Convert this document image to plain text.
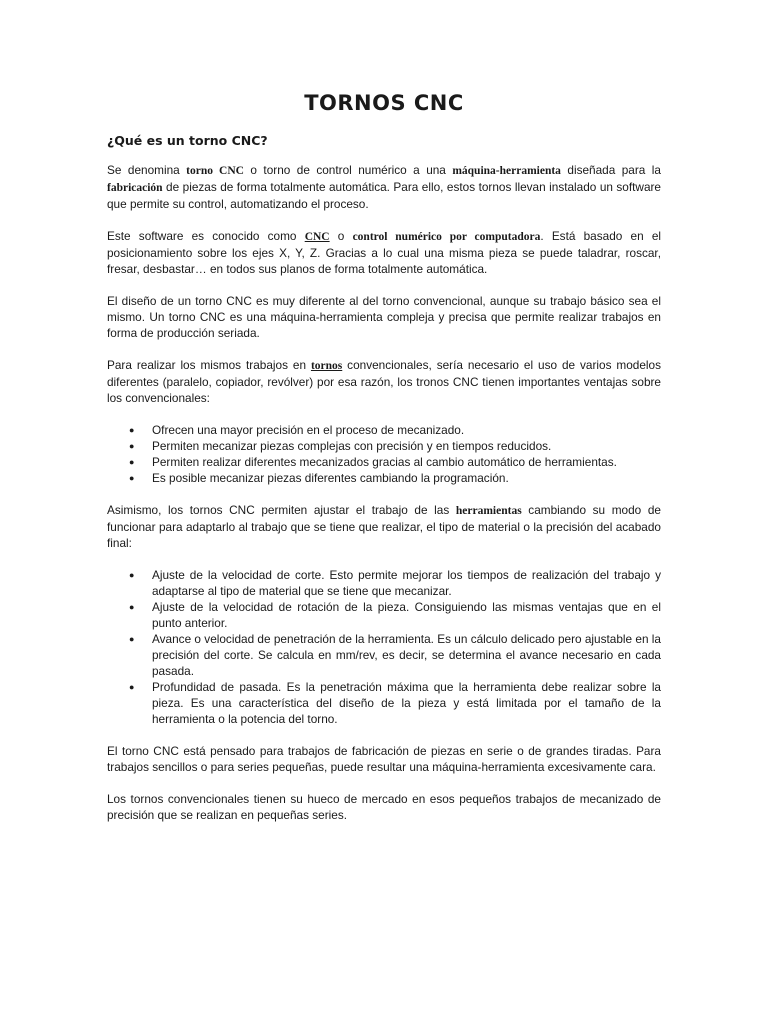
TORNOS CNC
¿Qué es un torno CNC?

Se denomina torno CNC o torno de control numérico a una máquina-herramienta diseñada para la fabricación de piezas de forma totalmente automática. Para ello, estos tornos llevan instalado un software que permite su control, automatizando el proceso.

Este software es conocido como CNC o control numérico por computadora. Está basado en el posicionamiento sobre los ejes X, Y, Z. Gracias a lo cual una misma pieza se puede taladrar, roscar, fresar, desbastar… en todos sus planos de forma totalmente automática.

El diseño de un torno CNC es muy diferente al del torno convencional, aunque su trabajo básico sea el mismo. Un torno CNC es una máquina-herramienta compleja y precisa que permite realizar trabajos en forma de producción seriada.

Para realizar los mismos trabajos en tornos convencionales, sería necesario el uso de varios modelos diferentes (paralelo, copiador, revólver) por esa razón, los tronos CNC tienen importantes ventajas sobre los convencionales:

● Ofrecen una mayor precisión en el proceso de mecanizado.
● Permiten mecanizar piezas complejas con precisión y en tiempos reducidos.
● Permiten realizar diferentes mecanizados gracias al cambio automático de herramientas.
● Es posible mecanizar piezas diferentes cambiando la programación.

Asimismo, los tornos CNC permiten ajustar el trabajo de las herramientas cambiando su modo de funcionar para adaptarlo al trabajo que se tiene que realizar, el tipo de material o la precisión del acabado final:

● Ajuste de la velocidad de corte. Esto permite mejorar los tiempos de realización del trabajo y adaptarse al tipo de material que se tiene que mecanizar.
● Ajuste de la velocidad de rotación de la pieza. Consiguiendo las mismas ventajas que en el punto anterior.
● Avance o velocidad de penetración de la herramienta. Es un cálculo delicado pero ajustable en la precisión del corte. Se calcula en mm/rev, es decir, se determina el avance necesario en cada pasada.
● Profundidad de pasada. Es la penetración máxima que la herramienta debe realizar sobre la pieza. Es una característica del diseño de la pieza y está limitada por el tamaño de la herramienta o la potencia del torno.

El torno CNC está pensado para trabajos de fabricación de piezas en serie o de grandes tiradas. Para trabajos sencillos o para series pequeñas, puede resultar una máquina-herramienta excesivamente cara.

Los tornos convencionales tienen su hueco de mercado en esos pequeños trabajos de mecanizado de precisión que se realizan en pequeñas series.
